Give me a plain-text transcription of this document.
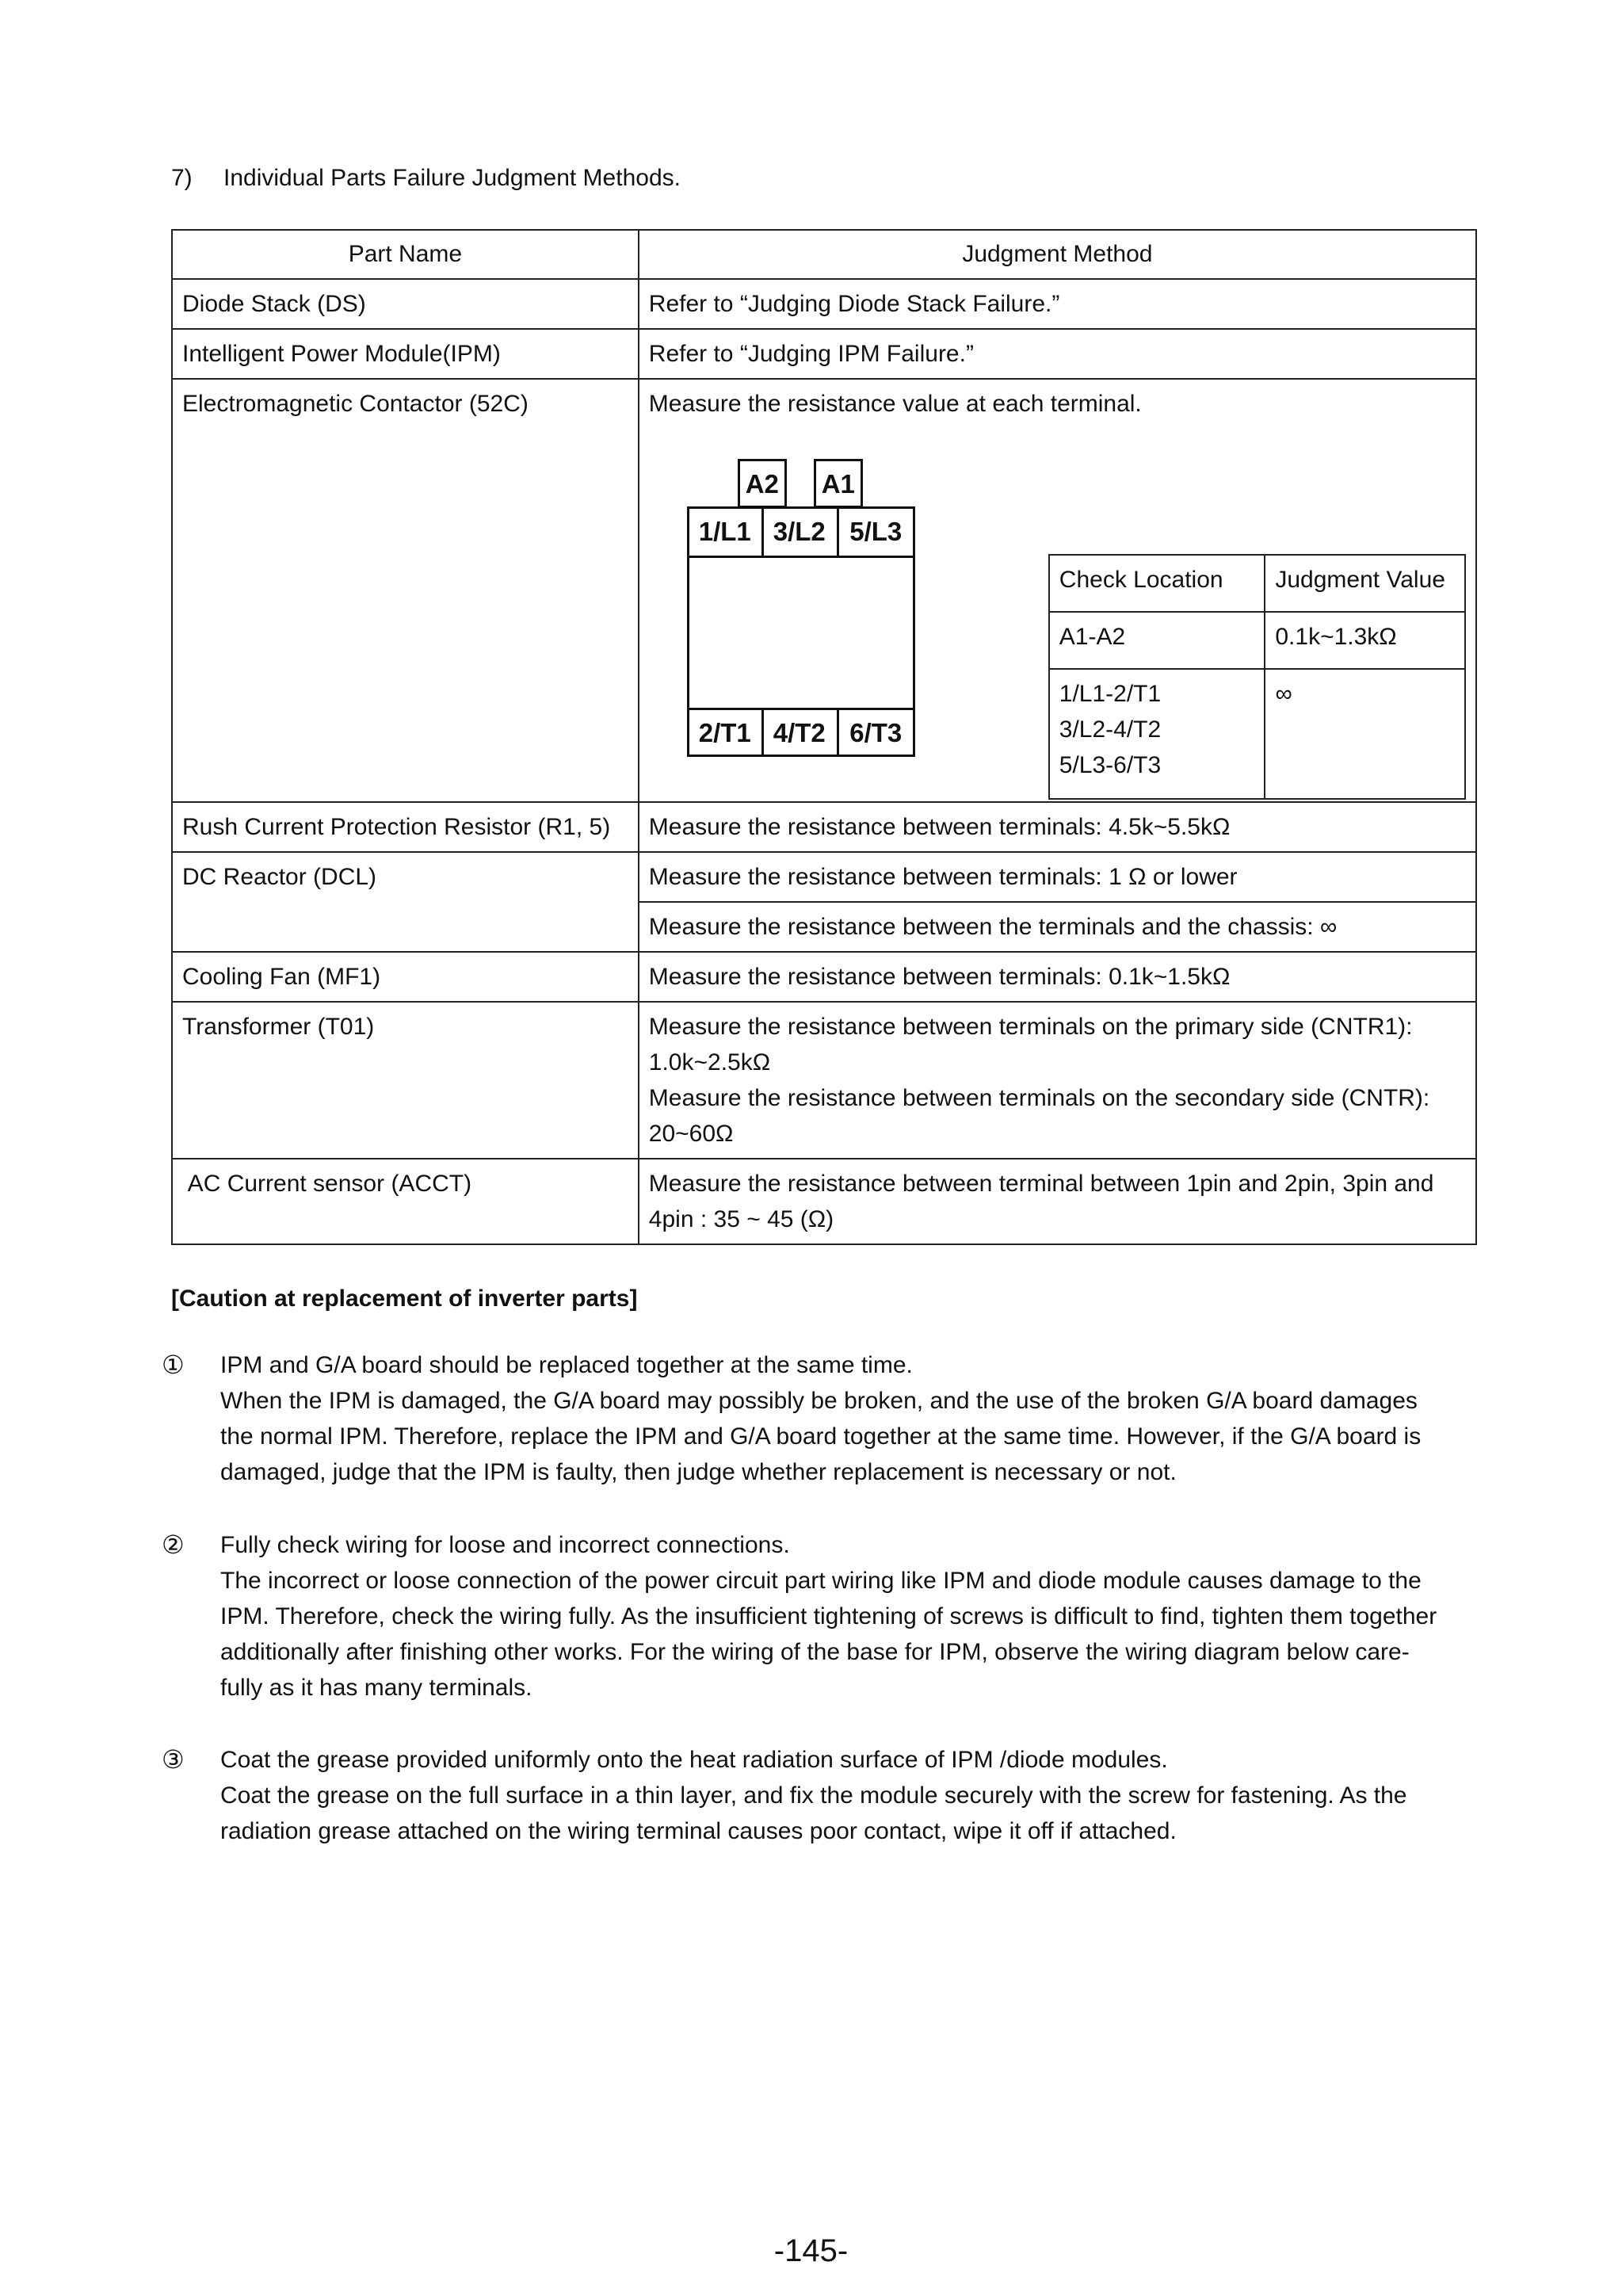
7) Individual Parts Failure Judgment Methods.
Part Name	Judgment Method
Diode Stack (DS)	Refer to “Judging Diode Stack Failure.”
Intelligent Power Module(IPM)	Refer to “Judging IPM Failure.”
Electromagnetic Contactor (52C)	Measure the resistance value at each terminal.
A2	A1
1/L1 3/L2 5/L3
2/T1 4/T2 6/T3
Check Location	Judgment Value
A1-A2	0.1k~1.3kΩ

1/L1-2/T1
3/L2-4/T2
5/L3-6/T3
	∞

Rush Current Protection Resistor (R1, 5)	Measure the resistance between terminals: 4.5k~5.5kΩ
DC Reactor (DCL)	Measure the resistance between terminals: 1 Ω or lower
Measure the resistance between the terminals and the chassis: ∞
Cooling Fan (MF1)	Measure the resistance between terminals: 0.1k~1.5kΩ
Transformer (T01)	Measure the resistance between terminals on the primary side (CNTR1):
1.0k~2.5kΩ
Measure the resistance between terminals on the secondary side (CNTR):
20~60Ω

AC Current sensor (ACCT)	Measure the resistance between terminal between 1pin and 2pin, 3pin and
4pin : 35 ~ 45 (Ω)
[Caution at replacement of inverter parts]
① IPM and G/A board should be replaced together at the same time.
When the IPM is damaged, the G/A board may possibly be broken, and the use of the broken G/A board damages
the normal IPM. Therefore, replace the IPM and G/A board together at the same time. However, if the G/A board is
damaged, judge that the IPM is faulty, then judge whether replacement is necessary or not.
② Fully check wiring for loose and incorrect connections.
The incorrect or loose connection of the power circuit part wiring like IPM and diode module causes damage to the
IPM. Therefore, check the wiring fully. As the insufficient tightening of screws is difficult to find, tighten them together
additionally after finishing other works. For the wiring of the base for IPM, observe the wiring diagram below care-
fully as it has many terminals.
③ Coat the grease provided uniformly onto the heat radiation surface of IPM /diode modules.
Coat the grease on the full surface in a thin layer, and fix the module securely with the screw for fastening. As the
radiation grease attached on the wiring terminal causes poor contact, wipe it off if attached.
-145-
